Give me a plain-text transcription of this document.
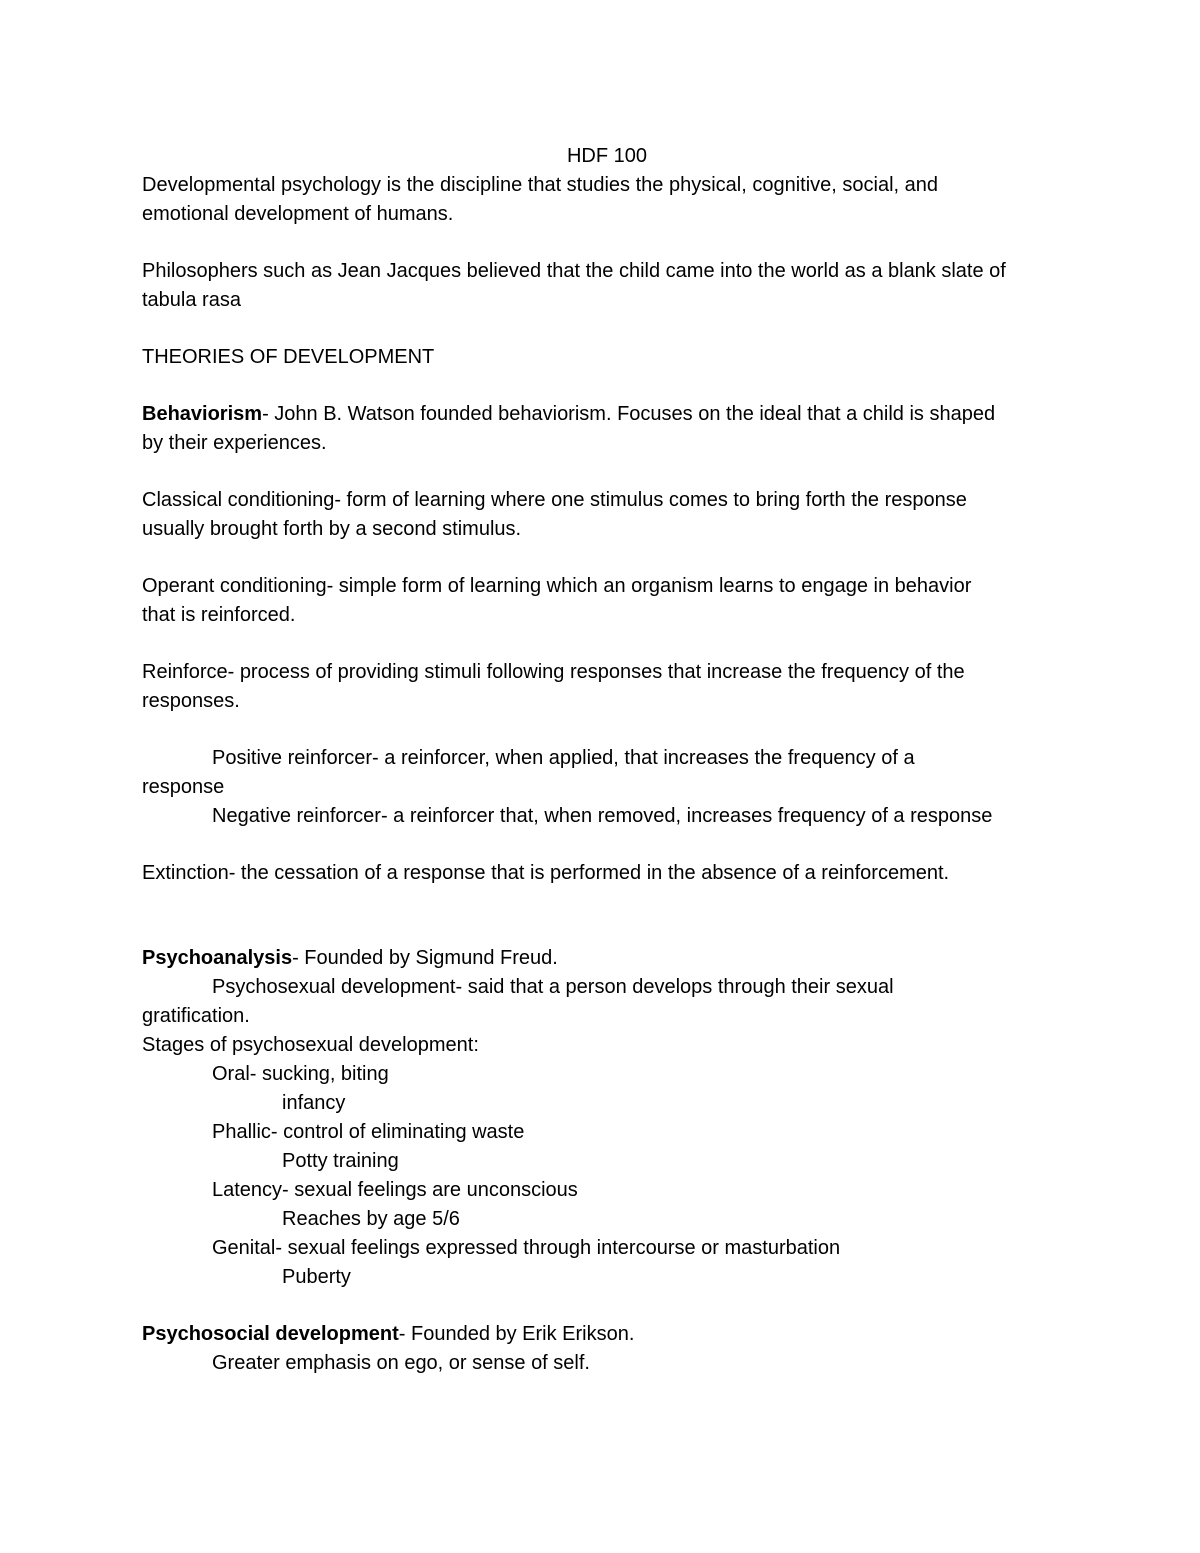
HDF 100
Developmental psychology is the discipline that studies the physical, cognitive, social, and
emotional development of humans.
Philosophers such as Jean Jacques believed that the child came into the world as a blank slate of
tabula rasa
THEORIES OF DEVELOPMENT
Behaviorism- John B. Watson founded behaviorism. Focuses on the ideal that a child is shaped
by their experiences.
Classical conditioning- form of learning where one stimulus comes to bring forth the response
usually brought forth by a second stimulus.
Operant conditioning- simple form of learning which an organism learns to engage in behavior
that is reinforced.
Reinforce- process of providing stimuli following responses that increase the frequency of the
responses.
Positive reinforcer- a reinforcer, when applied, that increases the frequency of a
response
Negative reinforcer- a reinforcer that, when removed, increases frequency of a response
Extinction- the cessation of a response that is performed in the absence of a reinforcement.
Psychoanalysis- Founded by Sigmund Freud.
Psychosexual development- said that a person develops through their sexual
gratification.
Stages of psychosexual development:
Oral- sucking, biting
infancy
Phallic- control of eliminating waste
Potty training
Latency- sexual feelings are unconscious
Reaches by age 5/6
Genital- sexual feelings expressed through intercourse or masturbation
Puberty
Psychosocial development- Founded by Erik Erikson.
Greater emphasis on ego, or sense of self.
